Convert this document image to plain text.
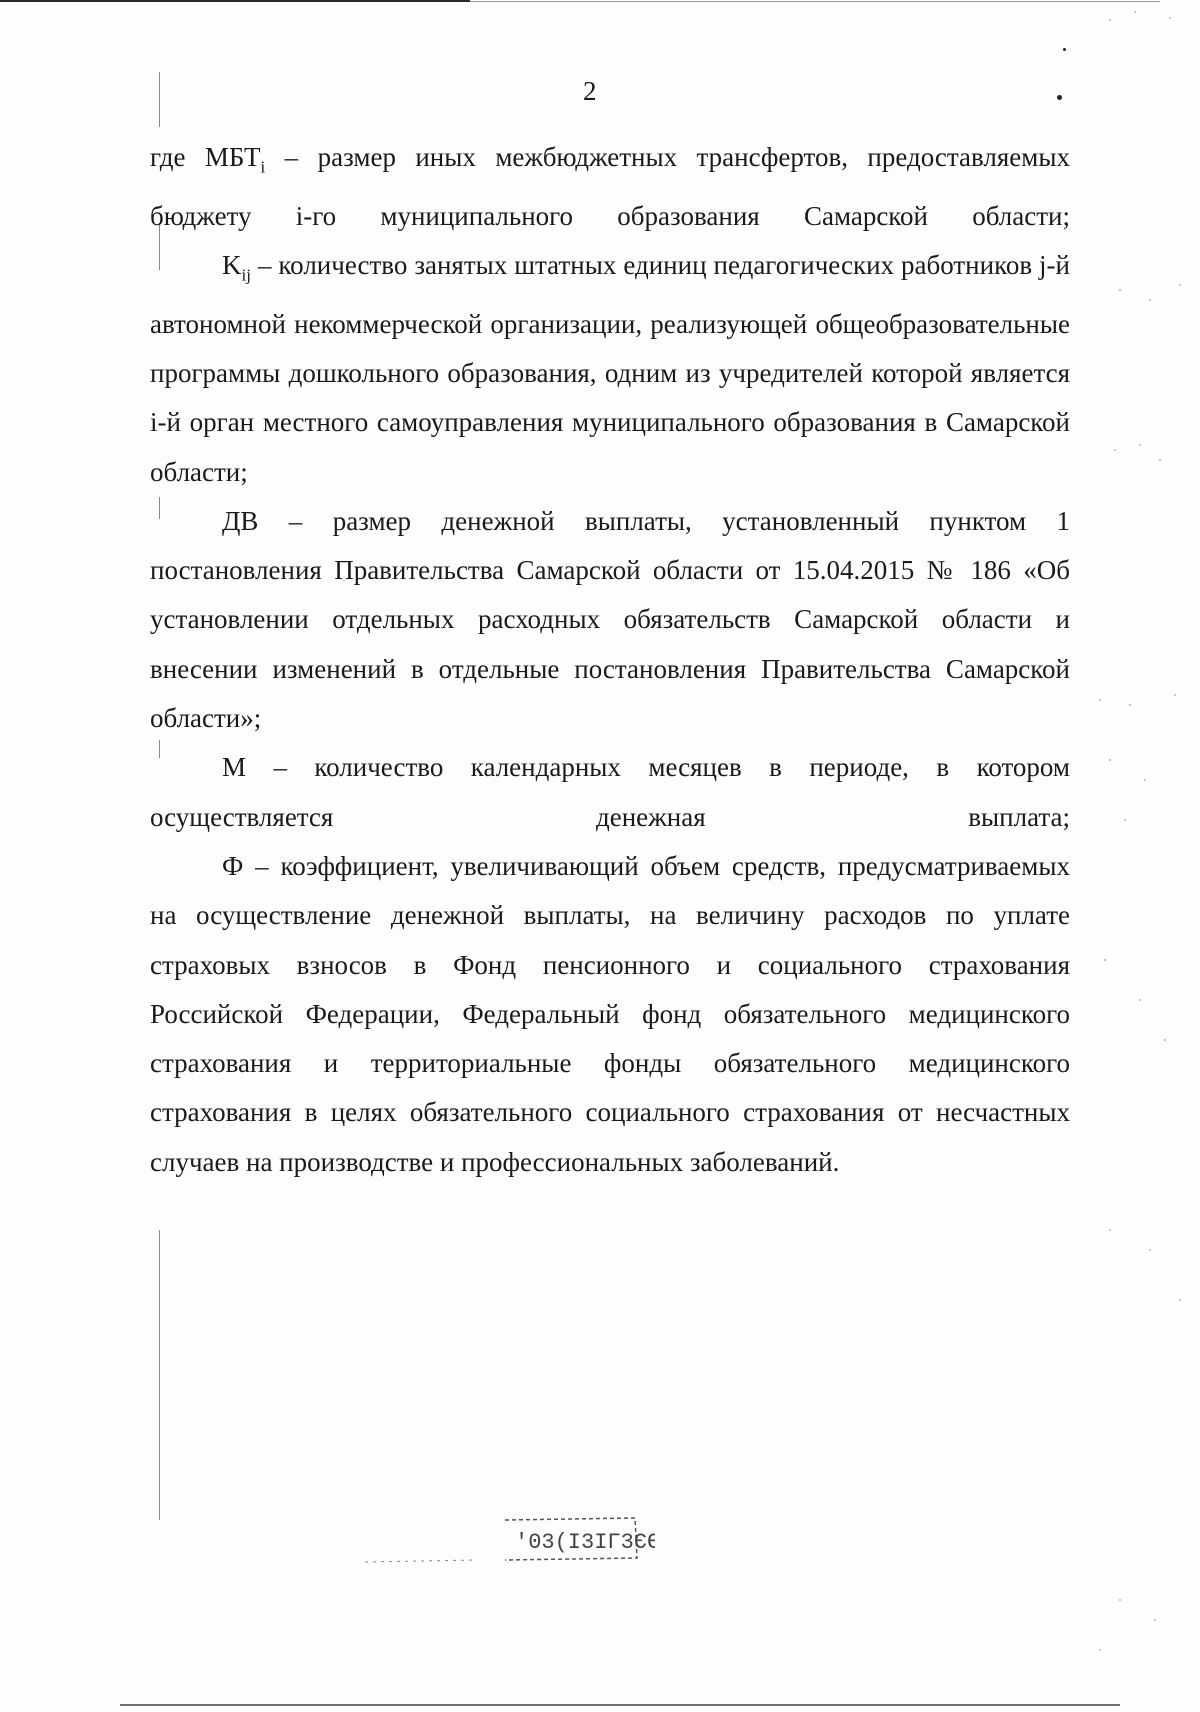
2

где $МБТ_i$ – размер иных межбюджетных трансфертов, предоставляемых бюджету i-го муниципального образования Самарской области;

$K_{ij}$ – количество занятых штатных единиц педагогических работников j-й автономной некоммерческой организации, реализующей общеобразовательные программы дошкольного образования, одним из учредителей которой является i-й орган местного самоуправления муниципального образования в Самарской области;

ДВ – размер денежной выплаты, установленный пунктом 1 постановления Правительства Самарской области от 15.04.2015 № 186 «Об установлении отдельных расходных обязательств Самарской области и внесении изменений в отдельные постановления Правительства Самарской области»;

М – количество календарных месяцев в периоде, в котором осуществляется денежная выплата;

Ф – коэффициент, увеличивающий объем средств, предусматриваемых на осуществление денежной выплаты, на величину расходов по уплате страховых взносов в Фонд пенсионного и социального страхования Российской Федерации, Федеральный фонд обязательного медицинского страхования и территориальные фонды обязательного медицинского страхования в целях обязательного социального страхования от несчастных случаев на производстве и профессиональных заболеваний.

'03(І3ІГ3ЄЄ
